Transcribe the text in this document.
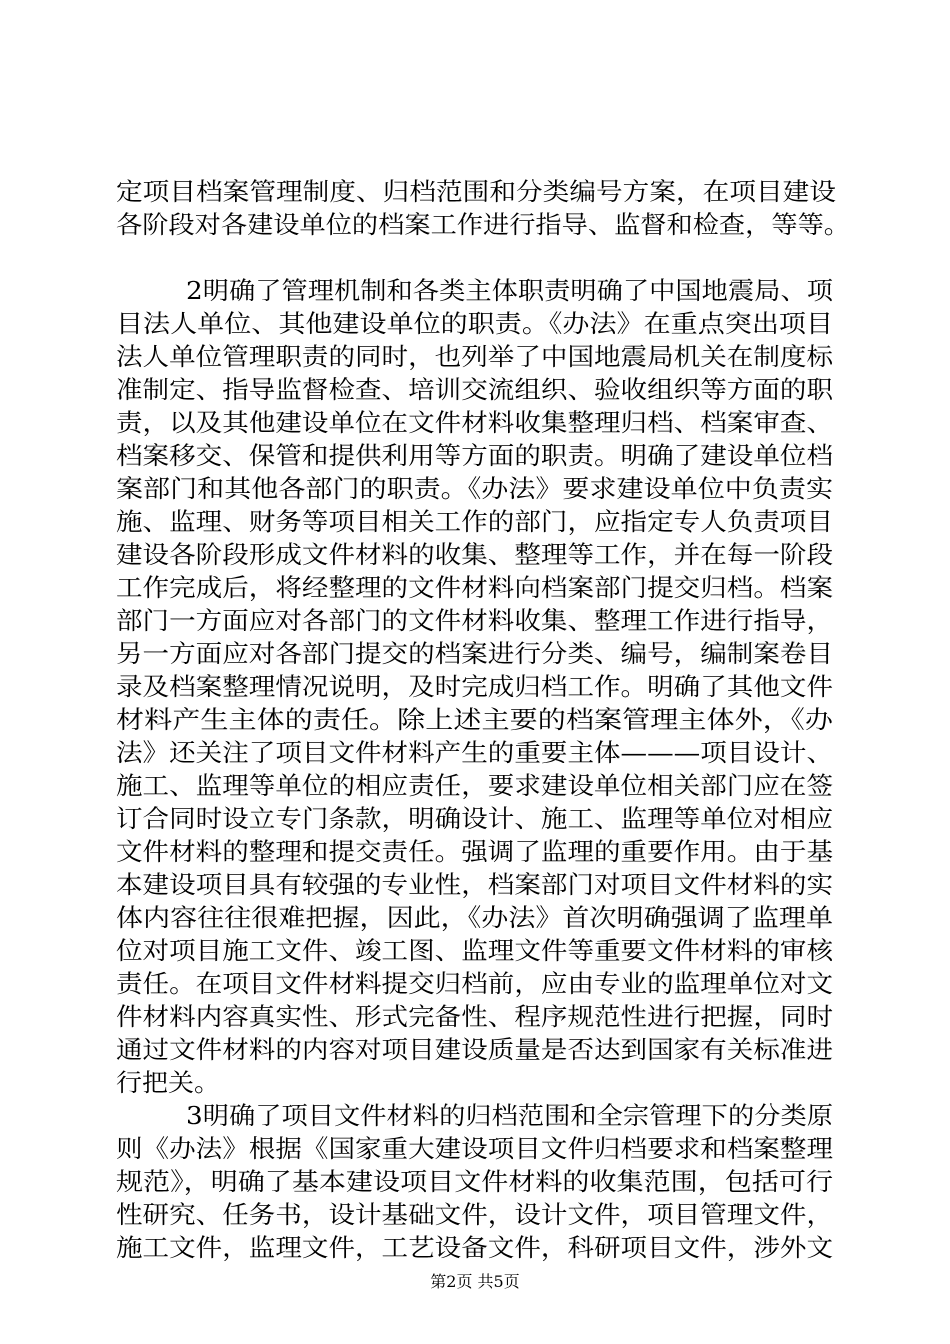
定项目档案管理制度、归档范围和分类编号方案，在项目建设
各阶段对各建设单位的档案工作进行指导、监督和检查，等等。
2明确了管理机制和各类主体职责明确了中国地震局、项
目法人单位、其他建设单位的职责。《办法》在重点突出项目
法人单位管理职责的同时，也列举了中国地震局机关在制度标
准制定、指导监督检查、培训交流组织、验收组织等方面的职
责，以及其他建设单位在文件材料收集整理归档、档案审查、
档案移交、保管和提供利用等方面的职责。明确了建设单位档
案部门和其他各部门的职责。《办法》要求建设单位中负责实
施、监理、财务等项目相关工作的部门，应指定专人负责项目
建设各阶段形成文件材料的收集、整理等工作，并在每一阶段
工作完成后，将经整理的文件材料向档案部门提交归档。档案
部门一方面应对各部门的文件材料收集、整理工作进行指导，
另一方面应对各部门提交的档案进行分类、编号，编制案卷目
录及档案整理情况说明，及时完成归档工作。明确了其他文件
材料产生主体的责任。除上述主要的档案管理主体外，《办
法》还关注了项目文件材料产生的重要主体———项目设计、
施工、监理等单位的相应责任，要求建设单位相关部门应在签
订合同时设立专门条款，明确设计、施工、监理等单位对相应
文件材料的整理和提交责任。强调了监理的重要作用。由于基
本建设项目具有较强的专业性，档案部门对项目文件材料的实
体内容往往很难把握，因此，《办法》首次明确强调了监理单
位对项目施工文件、竣工图、监理文件等重要文件材料的审核
责任。在项目文件材料提交归档前，应由专业的监理单位对文
件材料内容真实性、形式完备性、程序规范性进行把握，同时
通过文件材料的内容对项目建设质量是否达到国家有关标准进
行把关。
3明确了项目文件材料的归档范围和全宗管理下的分类原
则《办法》根据《国家重大建设项目文件归档要求和档案整理
规范》，明确了基本建设项目文件材料的收集范围，包括可行
性研究、任务书，设计基础文件，设计文件，项目管理文件，
施工文件，监理文件，工艺设备文件，科研项目文件，涉外文
第2页 共5页
